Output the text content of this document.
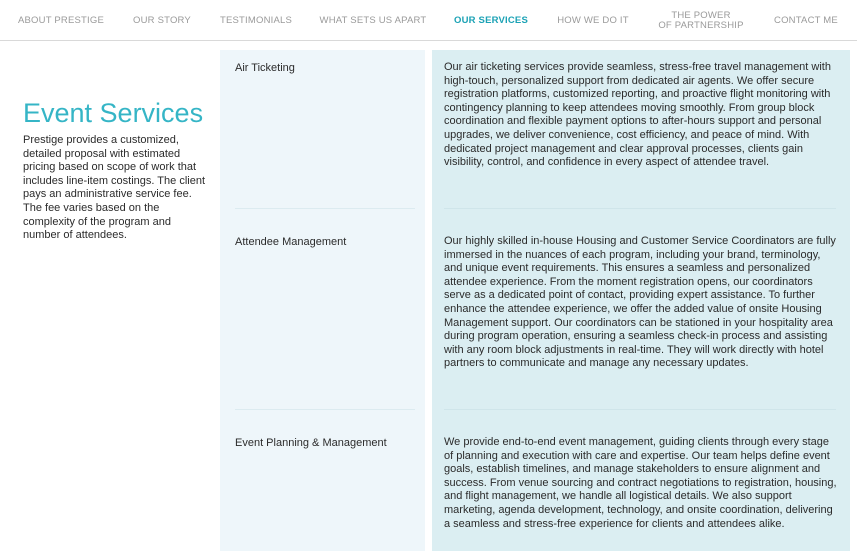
ABOUT PRESTIGE	OUR STORY	TESTIMONIALS	WHAT SETS US APART	OUR SERVICES	HOW WE DO IT	THE POWER
OF PARTNERSHIP	CONTACT ME
Event Services

Prestige provides a customized, detailed proposal with estimated pricing based on scope of work that includes line-item costings. The client pays an administrative service fee. The fee varies based on the complexity of the program and number of attendees.

Air Ticketing	Our air ticketing services provide seamless, stress-free travel management with high-touch, personalized support from dedicated air agents. We offer secure registration platforms, customized reporting, and proactive flight monitoring with contingency planning to keep attendees moving smoothly. From group block coordination and flexible payment options to after-hours support and personal upgrades, we deliver convenience, cost efficiency, and peace of mind. With dedicated project management and clear approval processes, clients gain visibility, control, and confidence in every aspect of attendee travel.

Attendee Management	Our highly skilled in-house Housing and Customer Service Coordinators are fully immersed in the nuances of each program, including your brand, terminology, and unique event requirements. This ensures a seamless and personalized attendee experience. From the moment registration opens, our coordinators serve as a dedicated point of contact, providing expert assistance. To further enhance the attendee experience, we offer the added value of onsite Housing Management support. Our coordinators can be stationed in your hospitality area during program operation, ensuring a seamless check-in process and assisting with any room block adjustments in real-time. They will work directly with hotel partners to communicate and manage any necessary updates.

Event Planning & Management	We provide end-to-end event management, guiding clients through every stage of planning and execution with care and expertise. Our team helps define event goals, establish timelines, and manage stakeholders to ensure alignment and success. From venue sourcing and contract negotiations to registration, housing, and flight management, we handle all logistical details. We also support marketing, agenda development, technology, and onsite coordination, delivering a seamless and stress-free experience for clients and attendees alike.
